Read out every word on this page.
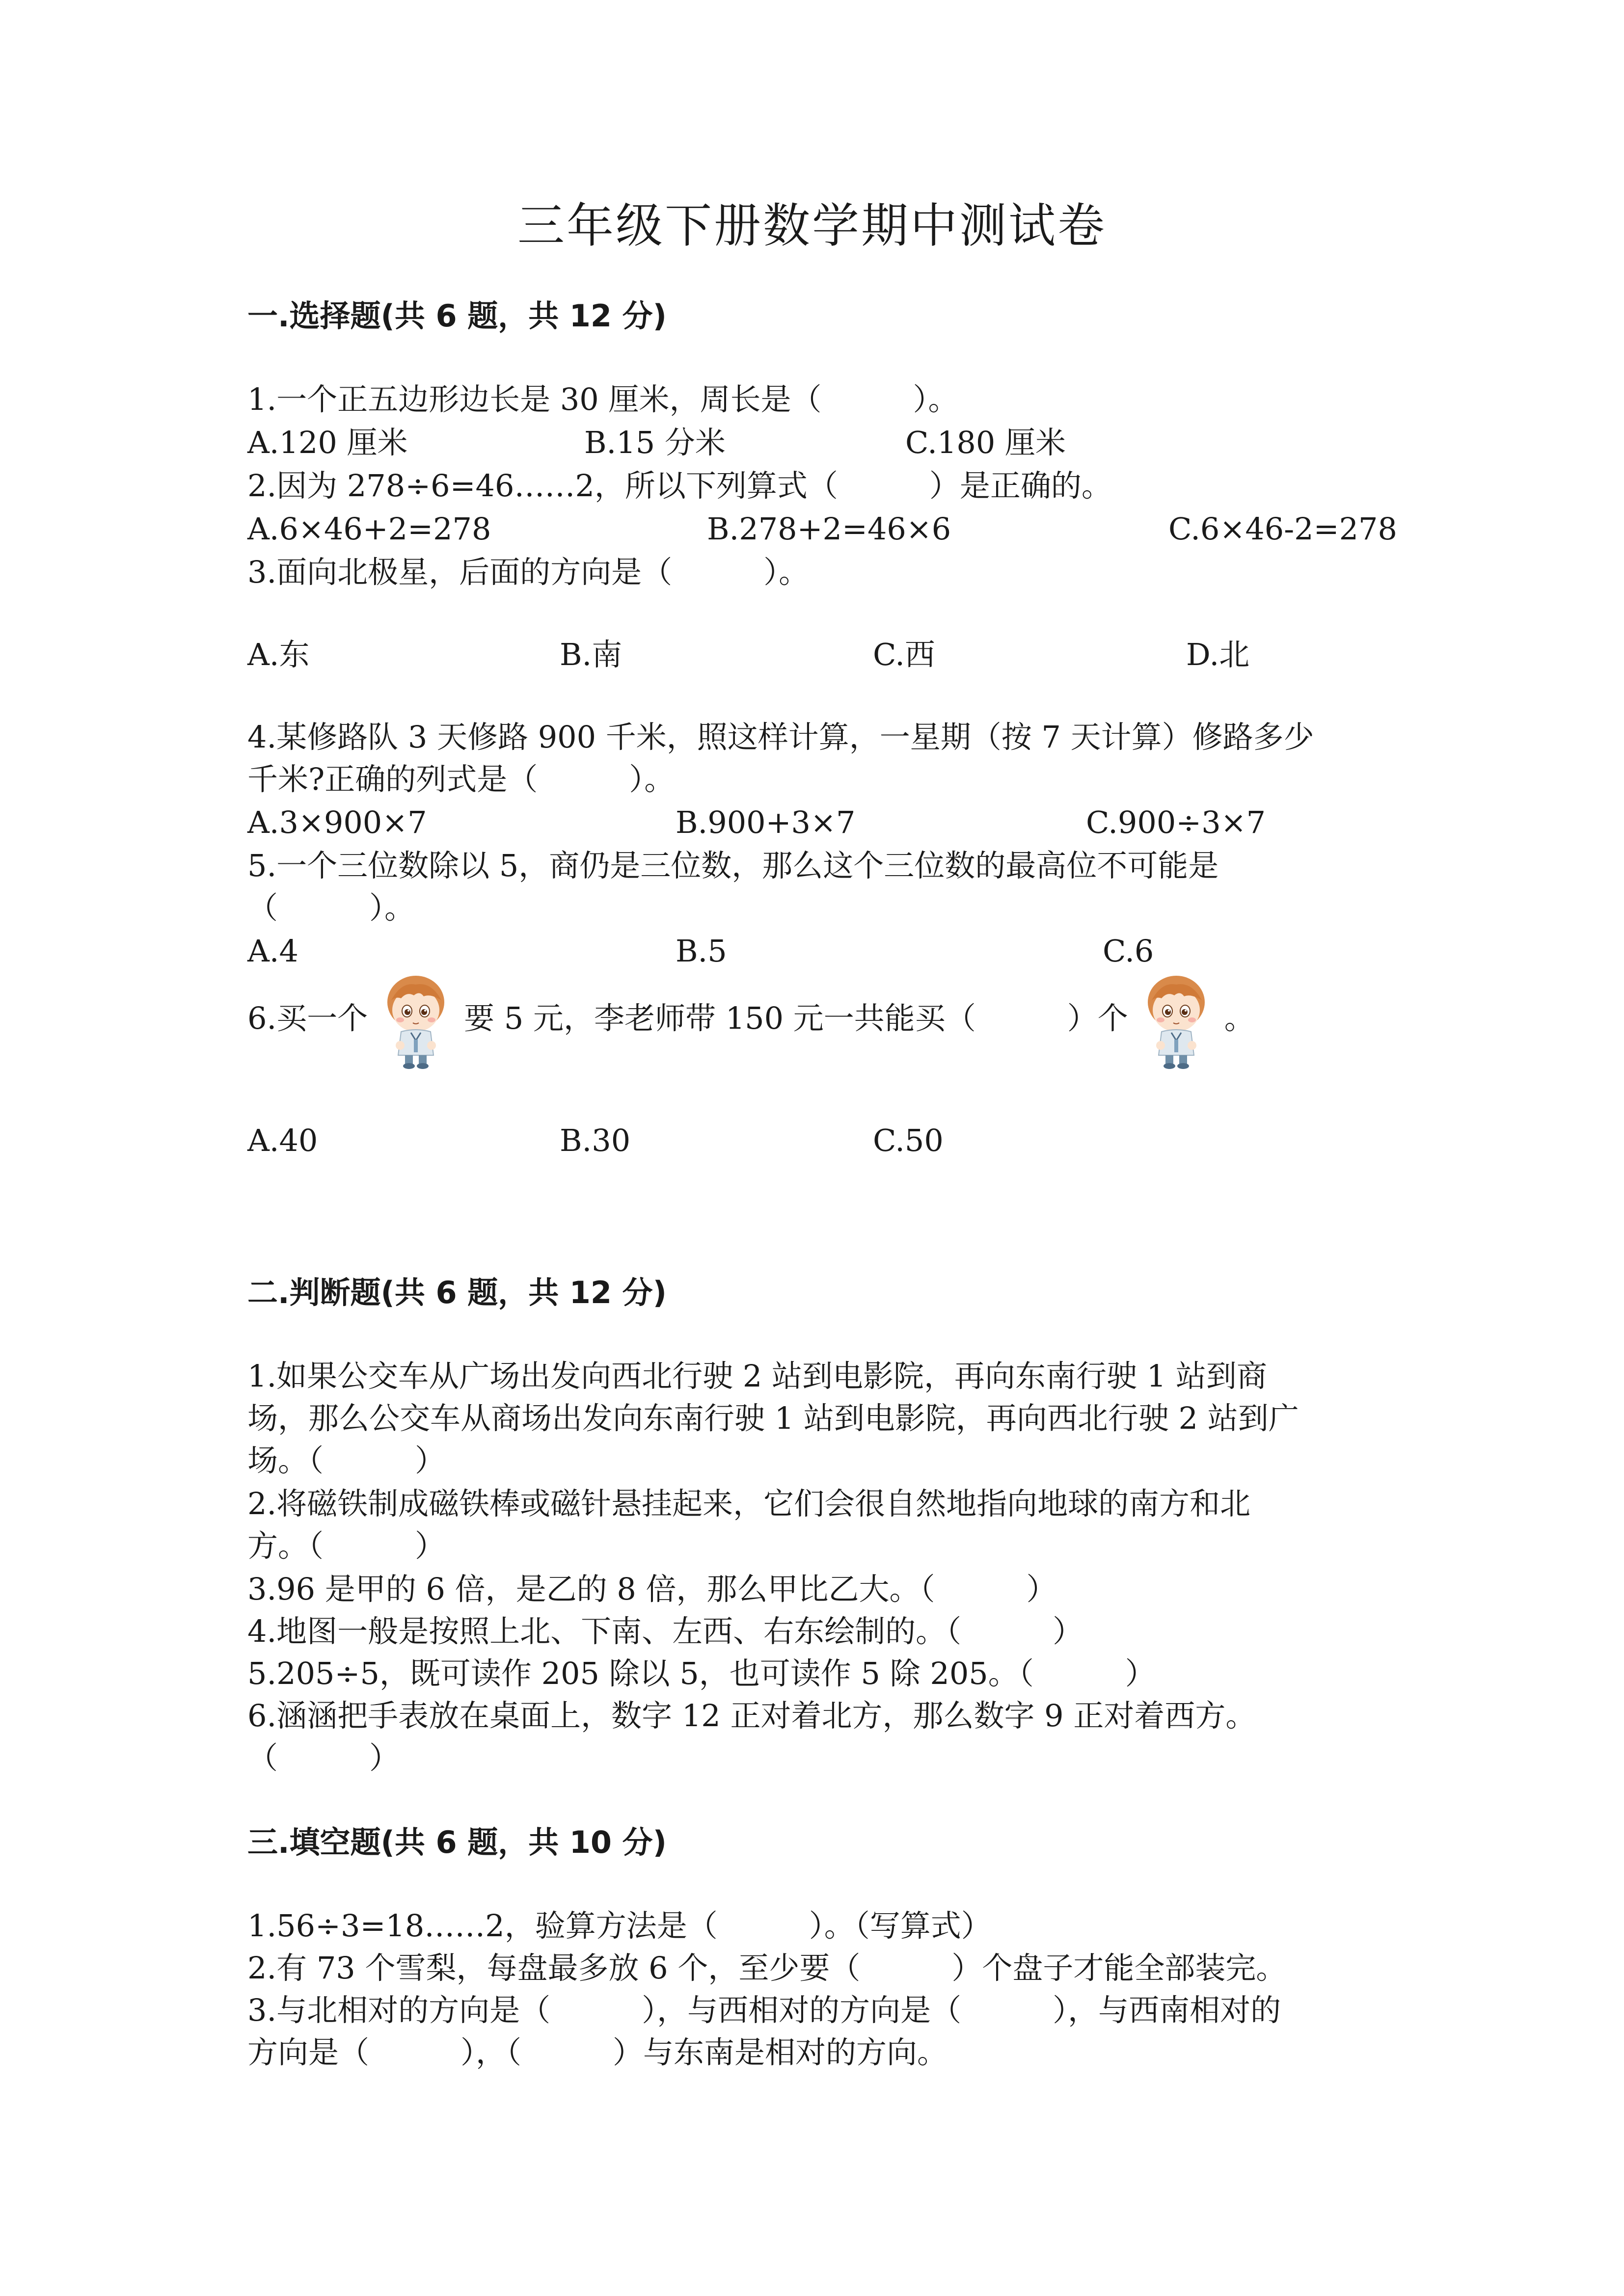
三年级下册数学期中测试卷
一.选择题(共 6 题，共 12 分)
1.一个正五边形边长是 30 厘米，周长是（　　　）。
A.120 厘米	B.15 分米	C.180 厘米
2.因为 278÷6=46……2，所以下列算式（　　　）是正确的。
A.6×46+2=278	B.278+2=46×6	C.6×46-2=278
3.面向北极星，后面的方向是（　　　）。
A.东	B.南	C.西	D.北
4.某修路队 3 天修路 900 千米，照这样计算，一星期（按 7 天计算）修路多少
千米?正确的列式是（　　　）。
A.3×900×7	B.900+3×7	C.900÷3×7
5.一个三位数除以 5，商仍是三位数，那么这个三位数的最高位不可能是
（　　　）。
A.4	B.5	C.6
6.买一个	要 5 元，李老师带 150 元一共能买（　　　）个	。
A.40	B.30	C.50
二.判断题(共 6 题，共 12 分)
1.如果公交车从广场出发向西北行驶 2 站到电影院，再向东南行驶 1 站到商
场，那么公交车从商场出发向东南行驶 1 站到电影院，再向西北行驶 2 站到广
场。（　　　）
2.将磁铁制成磁铁棒或磁针悬挂起来，它们会很自然地指向地球的南方和北
方。（　　　）
3.96 是甲的 6 倍，是乙的 8 倍，那么甲比乙大。（　　　）
4.地图一般是按照上北、下南、左西、右东绘制的。（　　　）
5.205÷5，既可读作 205 除以 5，也可读作 5 除 205。（　　　）
6.涵涵把手表放在桌面上，数字 12 正对着北方，那么数字 9 正对着西方。
（　　　）
三.填空题(共 6 题，共 10 分)
1.56÷3=18……2，验算方法是（　　　）。（写算式）
2.有 73 个雪梨，每盘最多放 6 个，至少要（　　　）个盘子才能全部装完。
3.与北相对的方向是（　　　），与西相对的方向是（　　　），与西南相对的
方向是（　　　），（　　　）与东南是相对的方向。
